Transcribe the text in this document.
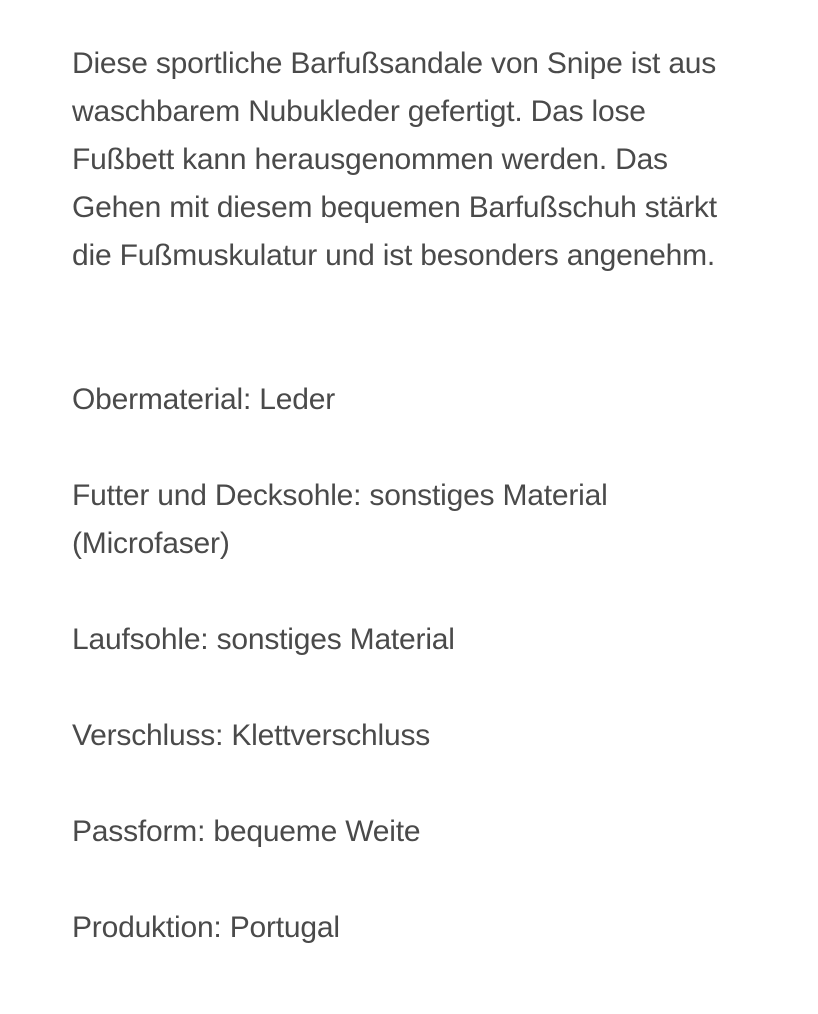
Diese sportliche Barfußsandale von Snipe ist aus
waschbarem Nubukleder gefertigt. Das lose
Fußbett kann herausgenommen werden. Das
Gehen mit diesem bequemen Barfußschuh stärkt
die Fußmuskulatur und ist besonders angenehm.

Obermaterial: Leder

Futter und Decksohle: sonstiges Material
(Microfaser)

Laufsohle: sonstiges Material

Verschluss: Klettverschluss

Passform: bequeme Weite

Produktion: Portugal
